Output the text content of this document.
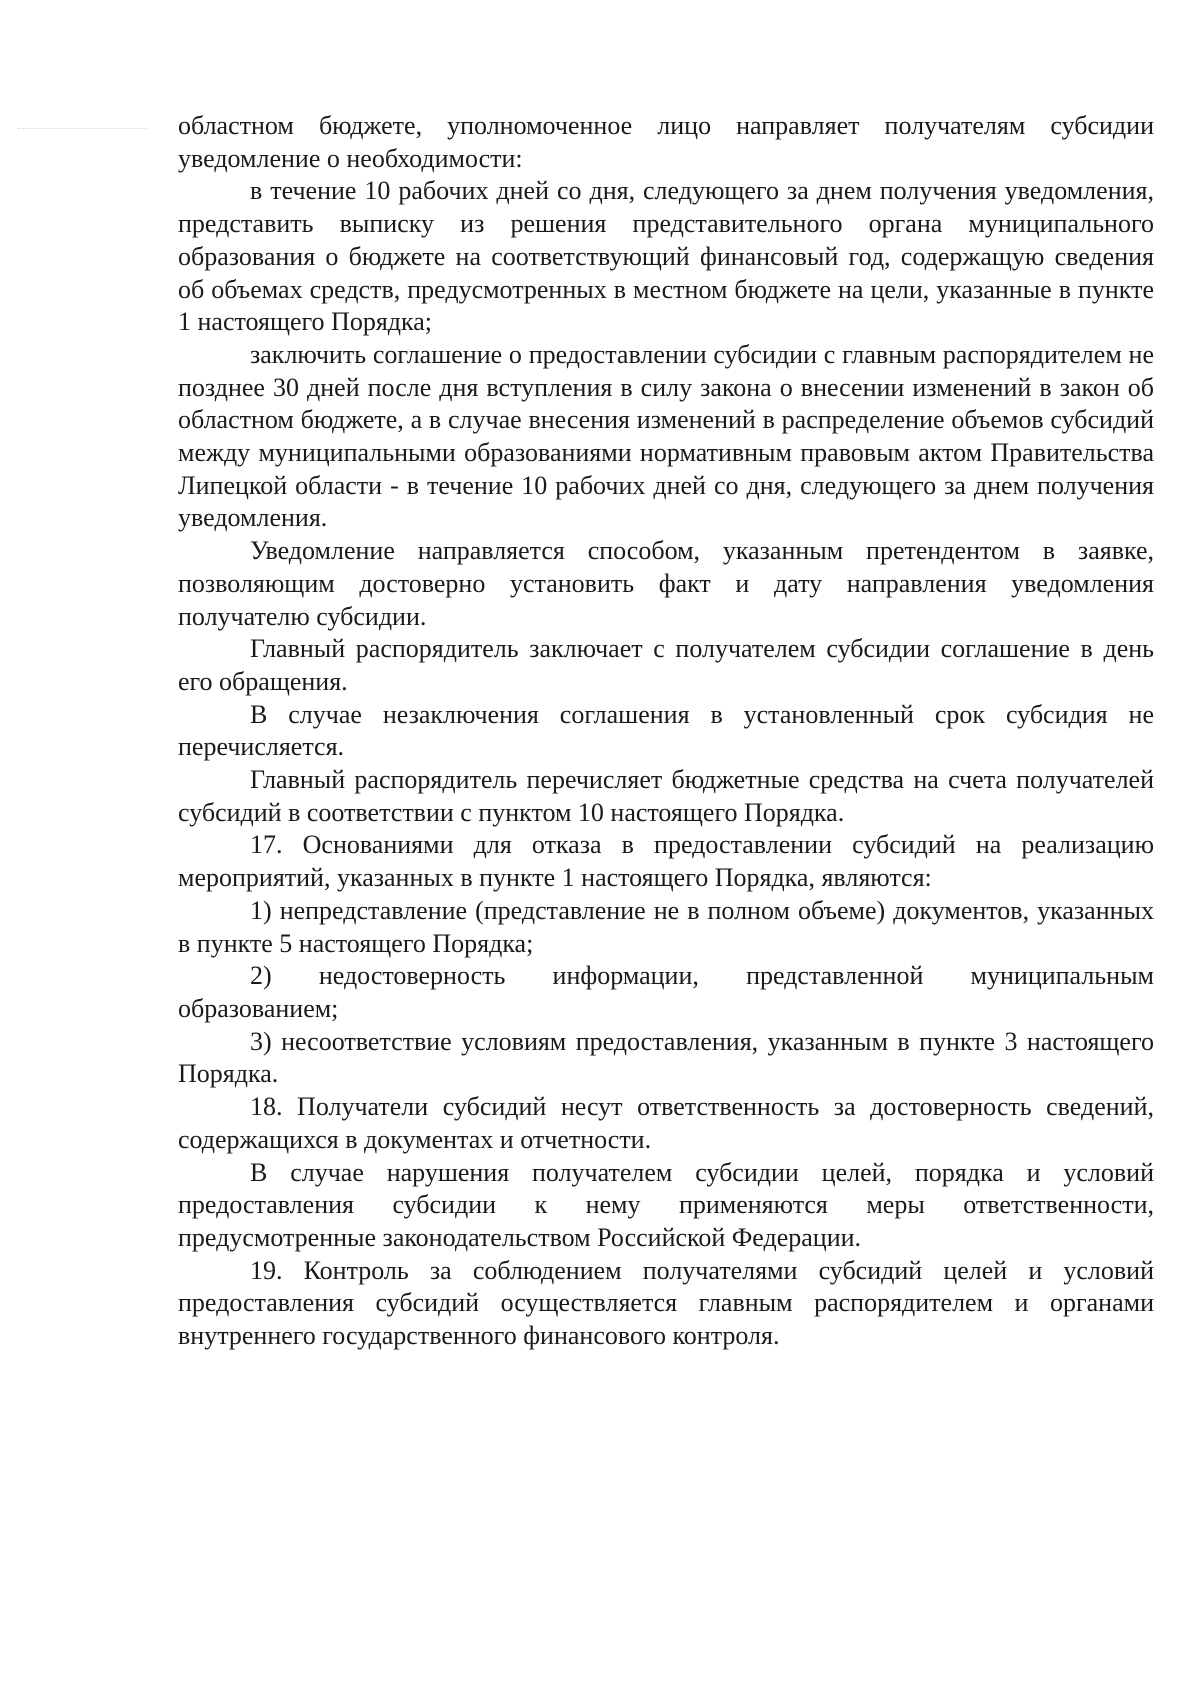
областном бюджете, уполномоченное лицо направляет получателям субсидии уведомление о необходимости:

в течение 10 рабочих дней со дня, следующего за днем получения уведомления, представить выписку из решения представительного органа муниципального образования о бюджете на соответствующий финансовый год, содержащую сведения об объемах средств, предусмотренных в местном бюджете на цели, указанные в пункте 1 настоящего Порядка;

заключить соглашение о предоставлении субсидии с главным распорядителем не позднее 30 дней после дня вступления в силу закона о внесении изменений в закон об областном бюджете, а в случае внесения изменений в распределение объемов субсидий между муниципальными образованиями нормативным правовым актом Правительства Липецкой области - в течение 10 рабочих дней со дня, следующего за днем получения уведомления.

Уведомление направляется способом, указанным претендентом в заявке, позволяющим достоверно установить факт и дату направления уведомления получателю субсидии.

Главный распорядитель заключает с получателем субсидии соглашение в день его обращения.

В случае незаключения соглашения в установленный срок субсидия не перечисляется.

Главный распорядитель перечисляет бюджетные средства на счета получателей субсидий в соответствии с пунктом 10 настоящего Порядка.

17. Основаниями для отказа в предоставлении субсидий на реализацию мероприятий, указанных в пункте 1 настоящего Порядка, являются:

1) непредставление (представление не в полном объеме) документов, указанных в пункте 5 настоящего Порядка;

2) недостоверность информации, представленной муниципальным образованием;

3) несоответствие условиям предоставления, указанным в пункте 3 настоящего Порядка.

18. Получатели субсидий несут ответственность за достоверность сведений, содержащихся в документах и отчетности.

В случае нарушения получателем субсидии целей, порядка и условий предоставления субсидии к нему применяются меры ответственности, предусмотренные законодательством Российской Федерации.

19. Контроль за соблюдением получателями субсидий целей и условий предоставления субсидий осуществляется главным распорядителем и органами внутреннего государственного финансового контроля.
